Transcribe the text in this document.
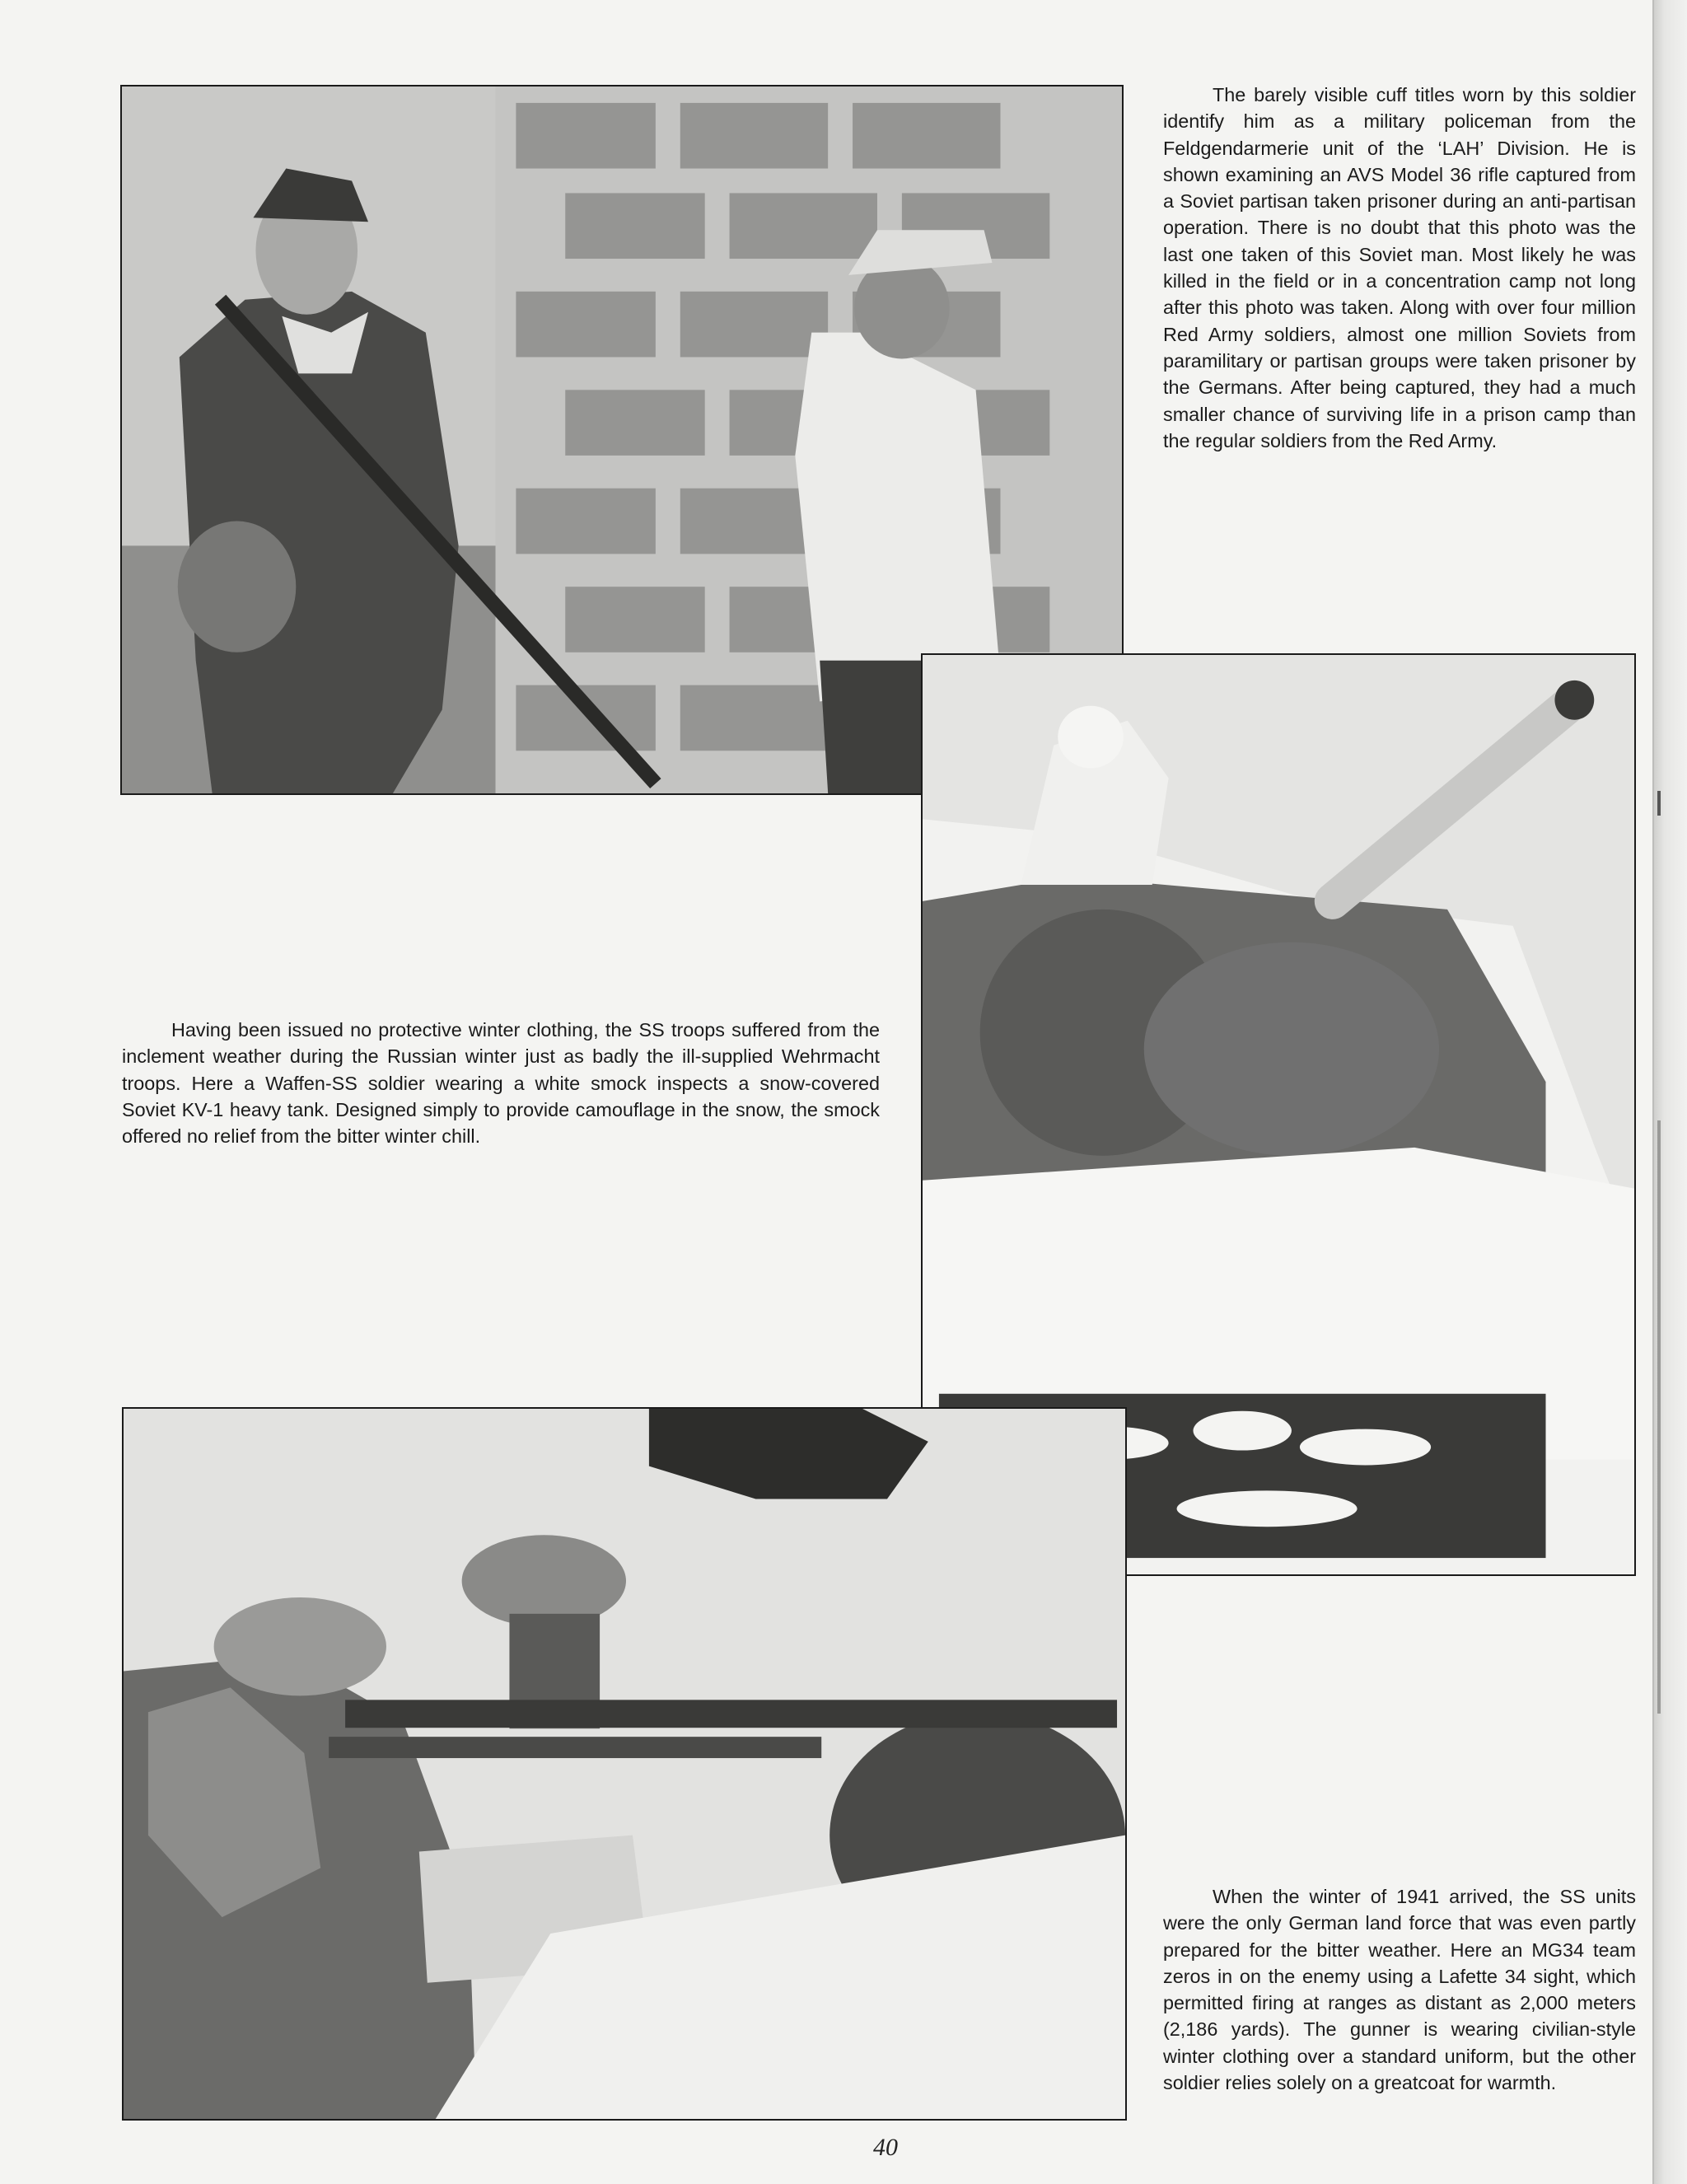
The barely visible cuff titles worn by this soldier identify him as a military policeman from the Feldgendarmerie unit of the ‘LAH’ Division. He is shown examining an AVS Model 36 rifle captured from a Soviet partisan taken prisoner during an anti-partisan operation. There is no doubt that this photo was the last one taken of this Soviet man. Most likely he was killed in the field or in a concentration camp not long after this photo was taken. Along with over four million Red Army soldiers, almost one million Soviets from paramilitary or partisan groups were taken prisoner by the Germans. After being captured, they had a much smaller chance of surviving life in a prison camp than the regular soldiers from the Red Army.

Having been issued no protective winter clothing, the SS troops suffered from the inclement weather during the Russian winter just as badly the ill-supplied Wehrmacht troops. Here a Waffen-SS soldier wearing a white smock inspects a snow-covered Soviet KV-1 heavy tank. Designed simply to provide camouflage in the snow, the smock offered no relief from the bitter winter chill.

When the winter of 1941 arrived, the SS units were the only German land force that was even partly prepared for the bitter weather. Here an MG34 team zeros in on the enemy using a Lafette 34 sight, which permitted firing at ranges as distant as 2,000 meters (2,186 yards). The gunner is wearing civilian-style winter clothing over a standard uniform, but the other soldier relies solely on a greatcoat for warmth.

40
